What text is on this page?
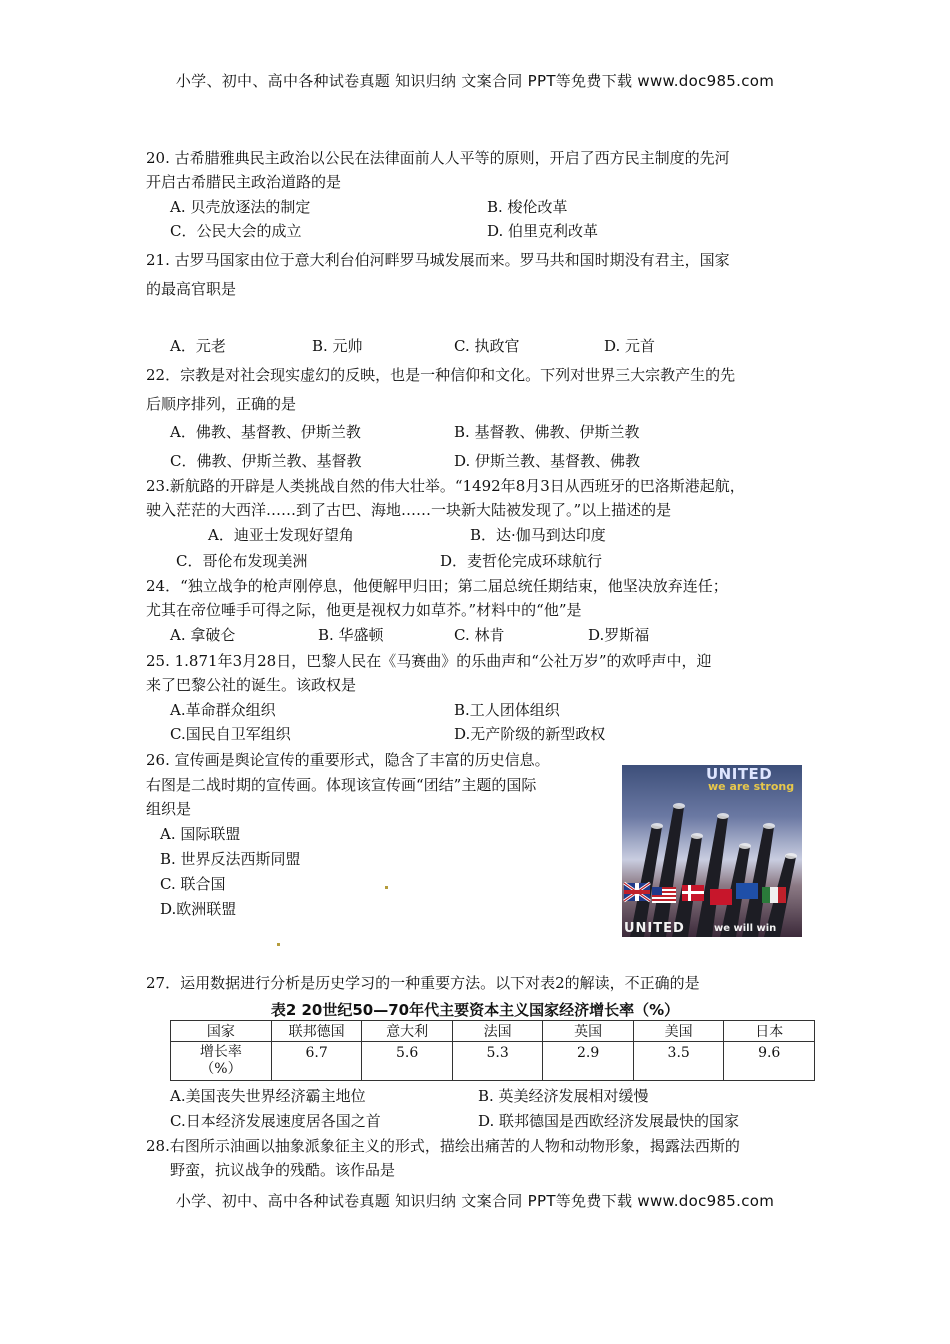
小学、初中、高中各种试卷真题 知识归纳 文案合同 PPT等免费下载 www.doc985.com
20. 古希腊雅典民主政治以公民在法律面前人人平等的原则，开启了西方民主制度的先河
开启古希腊民主政治道路的是
A. 贝壳放逐法的制定	B. 梭伦改革
C．公民大会的成立	D. 伯里克利改革
21. 古罗马国家由位于意大利台伯河畔罗马城发展而来。罗马共和国时期没有君主，国家
的最高官职是
A．元老	B. 元帅	C. 执政官	D. 元首
22．宗教是对社会现实虚幻的反映，也是一种信仰和文化。下列对世界三大宗教产生的先
后顺序排列，正确的是
A．佛教、基督教、伊斯兰教	B. 基督教、佛教、伊斯兰教
C．佛教、伊斯兰教、基督教	D. 伊斯兰教、基督教、佛教
23.新航路的开辟是人类挑战自然的伟大壮举。“1492年8月3日从西班牙的巴洛斯港起航，
驶入茫茫的大西洋……到了古巴、海地……一块新大陆被发现了。”以上描述的是
A．迪亚士发现好望角	B．达·伽马到达印度
C．哥伦布发现美洲	D．麦哲伦完成环球航行
24．“独立战争的枪声刚停息，他便解甲归田；第二届总统任期结束，他坚决放弃连任；
尤其在帝位唾手可得之际，他更是视权力如草芥。”材料中的“他”是
A. 拿破仑	B. 华盛顿	C. 林肯	D.罗斯福
25. 1.871年3月28日，巴黎人民在《马赛曲》的乐曲声和“公社万岁”的欢呼声中，迎
来了巴黎公社的诞生。该政权是
A.革命群众组织	B.工人团体组织
C.国民自卫军组织	D.无产阶级的新型政权
26. 宣传画是舆论宣传的重要形式，隐含了丰富的历史信息。
右图是二战时期的宣传画。体现该宣传画“团结”主题的国际
组织是
A. 国际联盟
B. 世界反法西斯同盟
C. 联合国
D.欧洲联盟
UNITED
we are strong
UNITED	we will win
27．运用数据进行分析是历史学习的一种重要方法。以下对表2的解读，不正确的是
表2 20世纪50—70年代主要资本主义国家经济增长率（%）
国家	联邦德国	意大利	法国	英国	美国	日本

增长率
（%）	6.7	5.6	5.3	2.9	3.5	9.6
A.美国丧失世界经济霸主地位	B. 英美经济发展相对缓慢
C.日本经济发展速度居各国之首	D. 联邦德国是西欧经济发展最快的国家
28.右图所示油画以抽象派象征主义的形式，描绘出痛苦的人物和动物形象，揭露法西斯的
野蛮，抗议战争的残酷。该作品是
小学、初中、高中各种试卷真题 知识归纳 文案合同 PPT等免费下载 www.doc985.com
